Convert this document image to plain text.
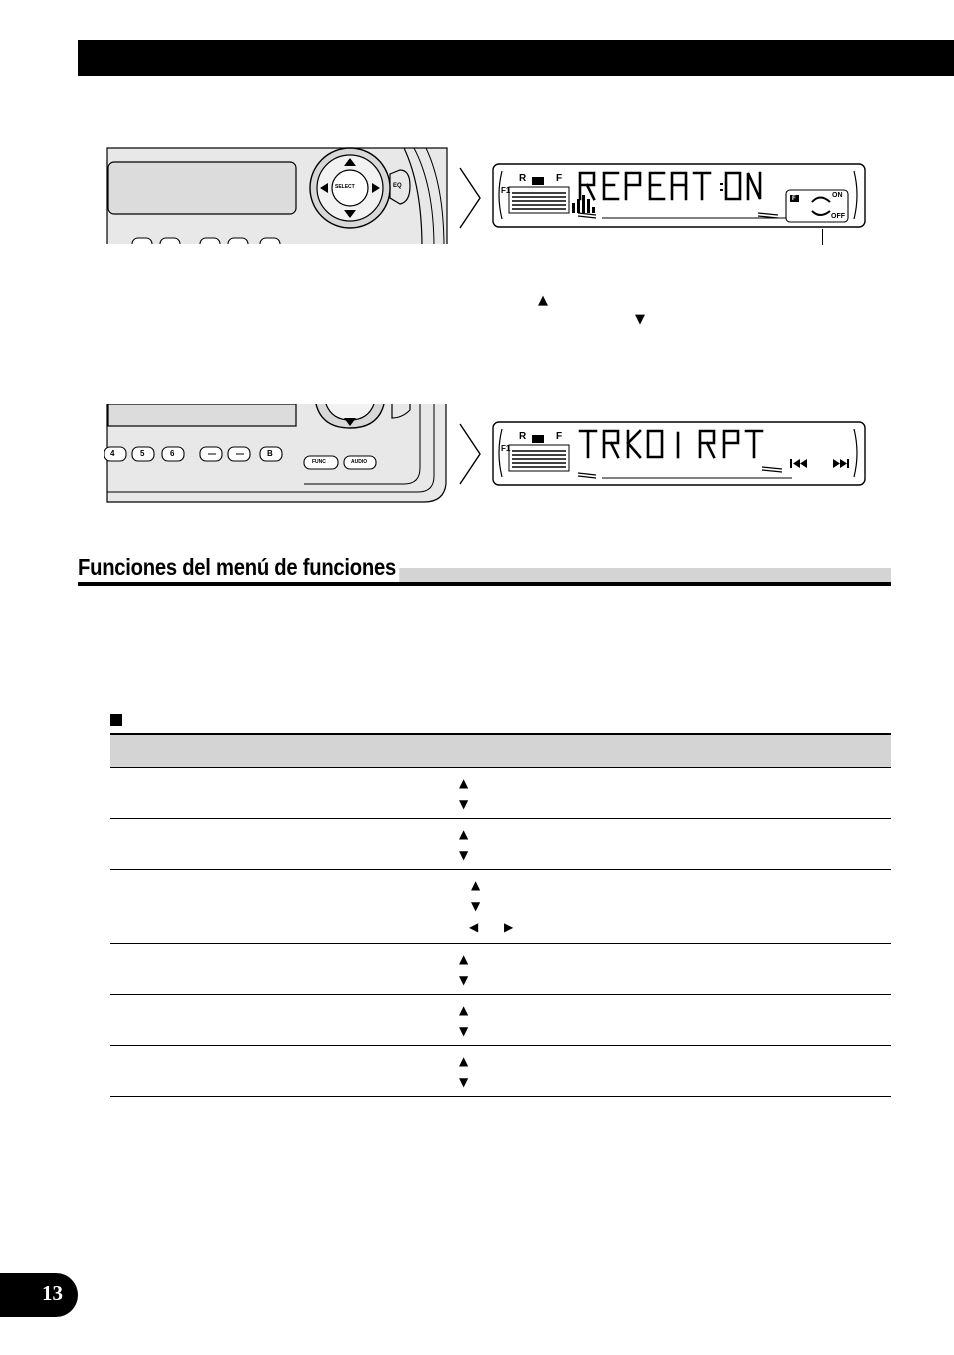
SELECT	EQ
R	F
F1
F	ON
OFF
▲
▼
4	5	6	B
FUNC	AUDIO
R	F
F1
Funciones del menú de funciones

	▲
▼

	▲
▼

	▲
▼
◀ ▶

	▲
▼

	▲
▼

	▲
▼
13
